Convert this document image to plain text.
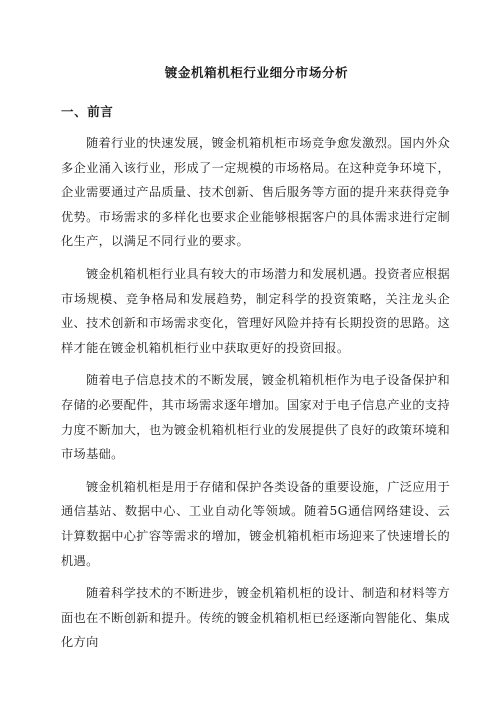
镀金机箱机柜行业细分市场分析
一、前言

随着行业的快速发展，镀金机箱机柜市场竞争愈发激烈。国内外众多企业涌入该行业，形成了一定规模的市场格局。在这种竞争环境下，企业需要通过产品质量、技术创新、售后服务等方面的提升来获得竞争优势。市场需求的多样化也要求企业能够根据客户的具体需求进行定制化生产，以满足不同行业的要求。

镀金机箱机柜行业具有较大的市场潜力和发展机遇。投资者应根据市场规模、竞争格局和发展趋势，制定科学的投资策略，关注龙头企业、技术创新和市场需求变化，管理好风险并持有长期投资的思路。这样才能在镀金机箱机柜行业中获取更好的投资回报。

随着电子信息技术的不断发展，镀金机箱机柜作为电子设备保护和存储的必要配件，其市场需求逐年增加。国家对于电子信息产业的支持力度不断加大，也为镀金机箱机柜行业的发展提供了良好的政策环境和市场基础。

镀金机箱机柜是用于存储和保护各类设备的重要设施，广泛应用于通信基站、数据中心、工业自动化等领域。随着5G通信网络建设、云计算数据中心扩容等需求的增加，镀金机箱机柜市场迎来了快速增长的机遇。

随着科学技术的不断进步，镀金机箱机柜的设计、制造和材料等方面也在不断创新和提升。传统的镀金机箱机柜已经逐渐向智能化、集成化方向
